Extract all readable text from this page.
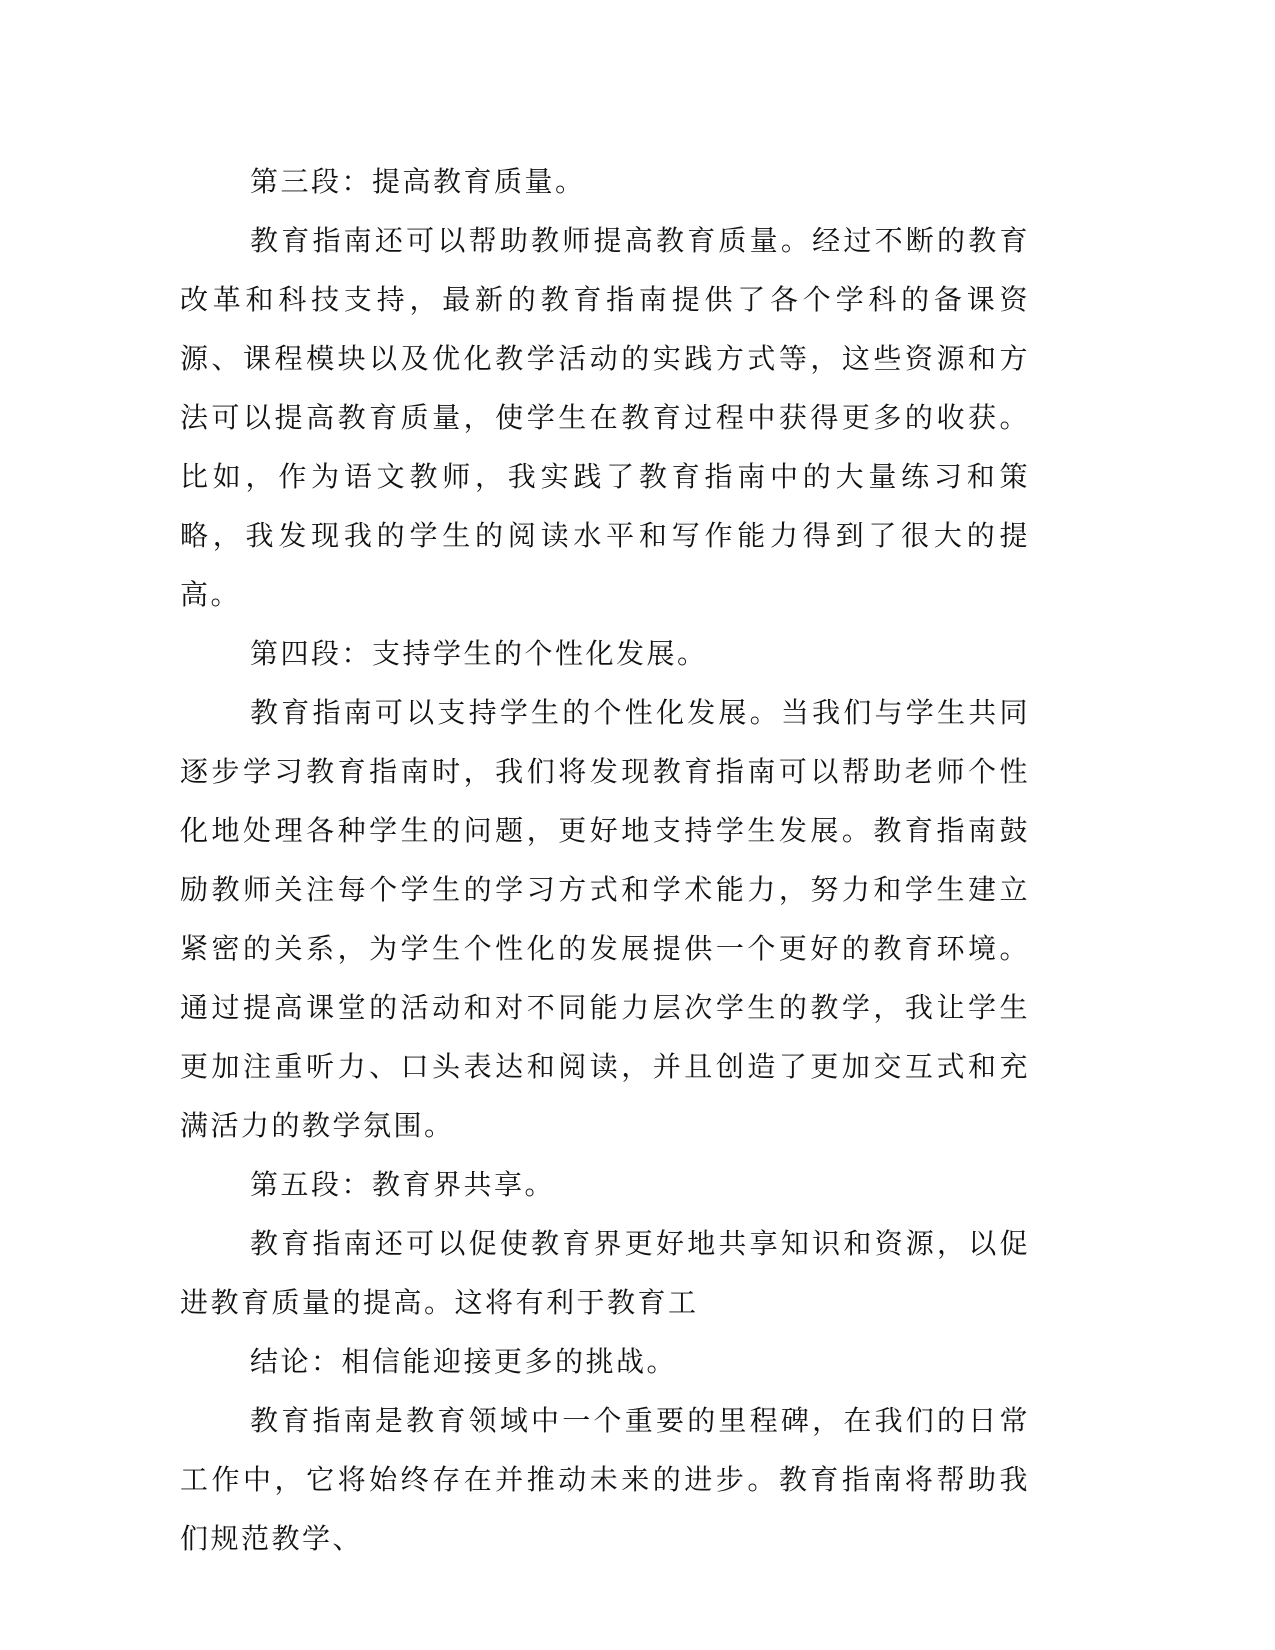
第三段：提高教育质量。

教育指南还可以帮助教师提高教育质量。经过不断的教育改革和科技支持，最新的教育指南提供了各个学科的备课资源、课程模块以及优化教学活动的实践方式等，这些资源和方法可以提高教育质量，使学生在教育过程中获得更多的收获。比如，作为语文教师，我实践了教育指南中的大量练习和策略，我发现我的学生的阅读水平和写作能力得到了很大的提高。

第四段：支持学生的个性化发展。

教育指南可以支持学生的个性化发展。当我们与学生共同逐步学习教育指南时，我们将发现教育指南可以帮助老师个性化地处理各种学生的问题，更好地支持学生发展。教育指南鼓励教师关注每个学生的学习方式和学术能力，努力和学生建立紧密的关系，为学生个性化的发展提供一个更好的教育环境。通过提高课堂的活动和对不同能力层次学生的教学，我让学生更加注重听力、口头表达和阅读，并且创造了更加交互式和充满活力的教学氛围。

第五段：教育界共享。

教育指南还可以促使教育界更好地共享知识和资源，以促进教育质量的提高。这将有利于教育工

结论：相信能迎接更多的挑战。

教育指南是教育领域中一个重要的里程碑，在我们的日常工作中，它将始终存在并推动未来的进步。教育指南将帮助我们规范教学、
